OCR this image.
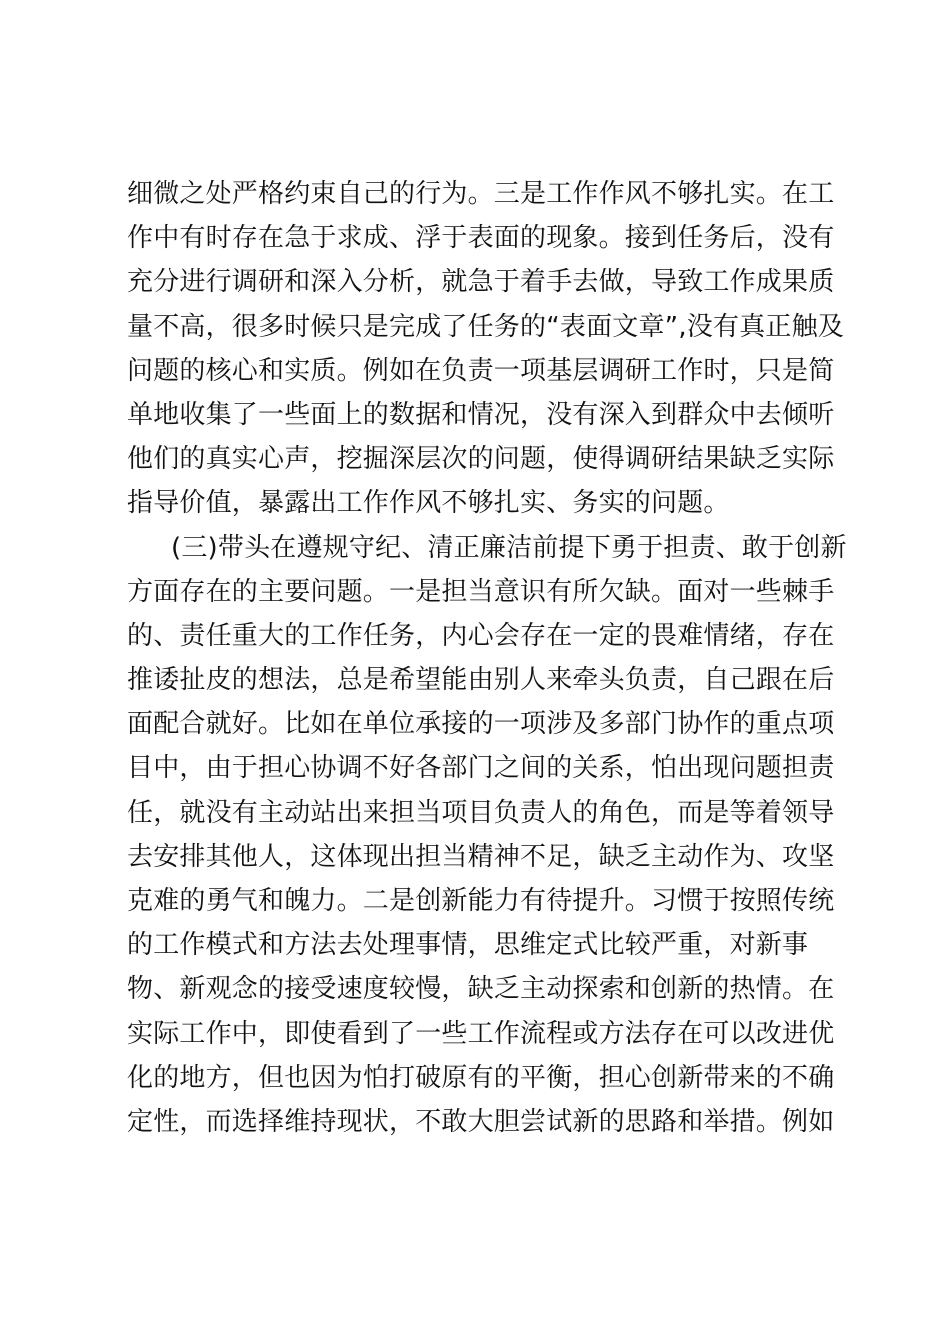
细微之处严格约束自己的行为。三是工作作风不够扎实。在工
作中有时存在急于求成、浮于表面的现象。接到任务后，没有
充分进行调研和深入分析，就急于着手去做，导致工作成果质
量不高，很多时候只是完成了任务的“表面文章”,没有真正触及
问题的核心和实质。例如在负责一项基层调研工作时，只是简
单地收集了一些面上的数据和情况，没有深入到群众中去倾听
他们的真实心声，挖掘深层次的问题，使得调研结果缺乏实际
指导价值，暴露出工作作风不够扎实、务实的问题。
(三)带头在遵规守纪、清正廉洁前提下勇于担责、敢于创新
方面存在的主要问题。一是担当意识有所欠缺。面对一些棘手
的、责任重大的工作任务，内心会存在一定的畏难情绪，存在
推诿扯皮的想法，总是希望能由别人来牵头负责，自己跟在后
面配合就好。比如在单位承接的一项涉及多部门协作的重点项
目中，由于担心协调不好各部门之间的关系，怕出现问题担责
任，就没有主动站出来担当项目负责人的角色，而是等着领导
去安排其他人，这体现出担当精神不足，缺乏主动作为、攻坚
克难的勇气和魄力。二是创新能力有待提升。习惯于按照传统
的工作模式和方法去处理事情，思维定式比较严重，对新事
物、新观念的接受速度较慢，缺乏主动探索和创新的热情。在
实际工作中，即使看到了一些工作流程或方法存在可以改进优
化的地方，但也因为怕打破原有的平衡，担心创新带来的不确
定性，而选择维持现状，不敢大胆尝试新的思路和举措。例如
